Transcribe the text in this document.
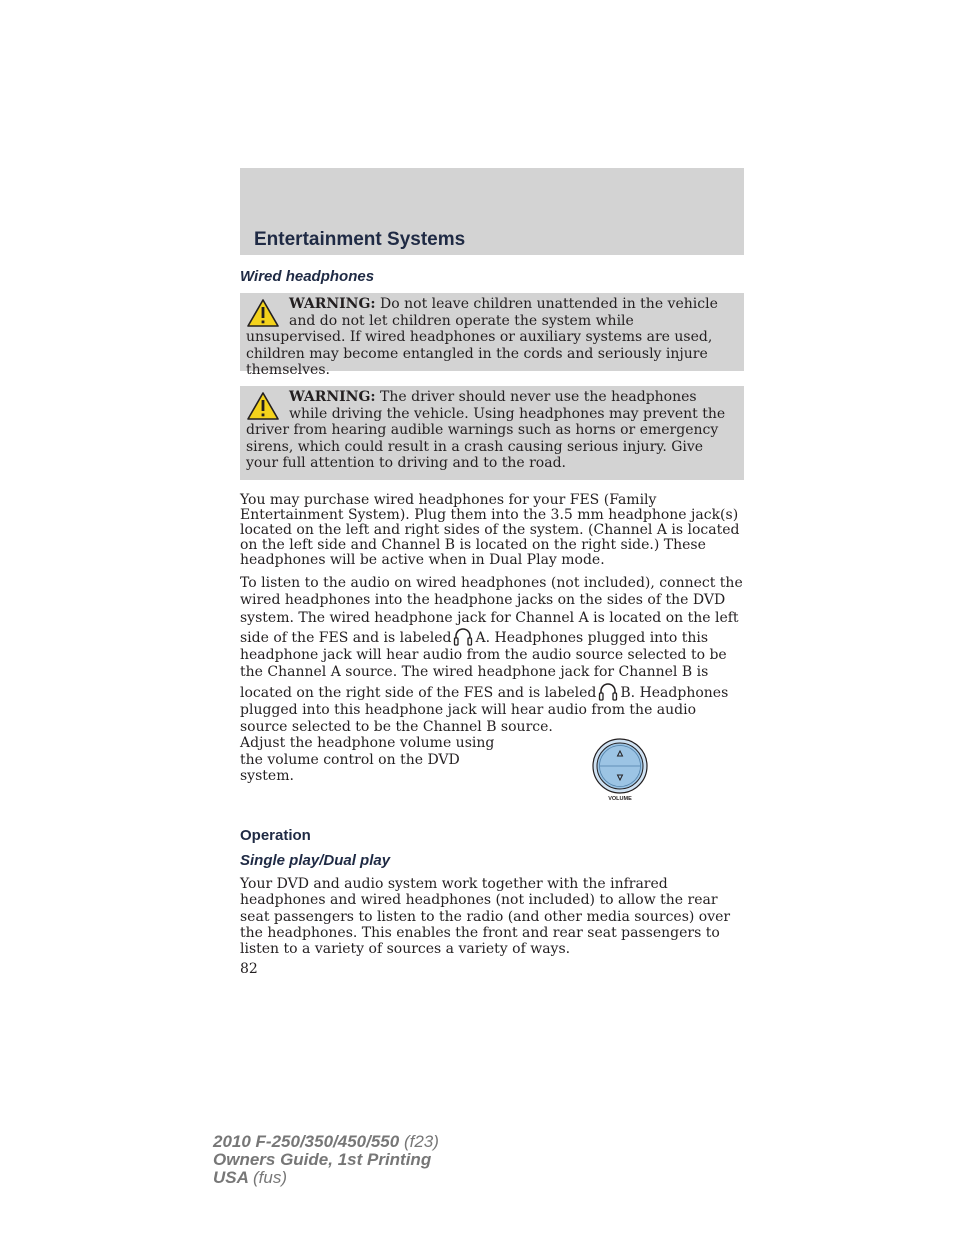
Entertainment Systems
Wired headphones
WARNING: Do not leave children unattended in the vehicle and do not let children operate the system while unsupervised. If wired headphones or auxiliary systems are used, children may become entangled in the cords and seriously injure themselves.
WARNING: The driver should never use the headphones while driving the vehicle. Using headphones may prevent the driver from hearing audible warnings such as horns or emergency sirens, which could result in a crash causing serious injury. Give your full attention to driving and to the road.

You may purchase wired headphones for your FES (Family Entertainment System). Plug them into the 3.5 mm headphone jack(s) located on the left and right sides of the system. (Channel A is located on the left side and Channel B is located on the right side.) These headphones will be active when in Dual Play mode.

To listen to the audio on wired headphones (not included), connect the wired headphones into the headphone jacks on the sides of the DVD system. The wired headphone jack for Channel A is located on the left side of the FES and is labeled A. Headphones plugged into this headphone jack will hear audio from the audio source selected to be the Channel A source. The wired headphone jack for Channel B is located on the right side of the FES and is labeled B. Headphones plugged into this headphone jack will hear audio from the audio source selected to be the Channel B source.

Adjust the headphone volume using the volume control on the DVD system.

VOLUME
Operation
Single play/Dual play

Your DVD and audio system work together with the infrared headphones and wired headphones (not included) to allow the rear seat passengers to listen to the radio (and other media sources) over the headphones. This enables the front and rear seat passengers to listen to a variety of sources a variety of ways.

82

2010 F-250/350/450/550 (f23)
Owners Guide, 1st Printing
USA (fus)
